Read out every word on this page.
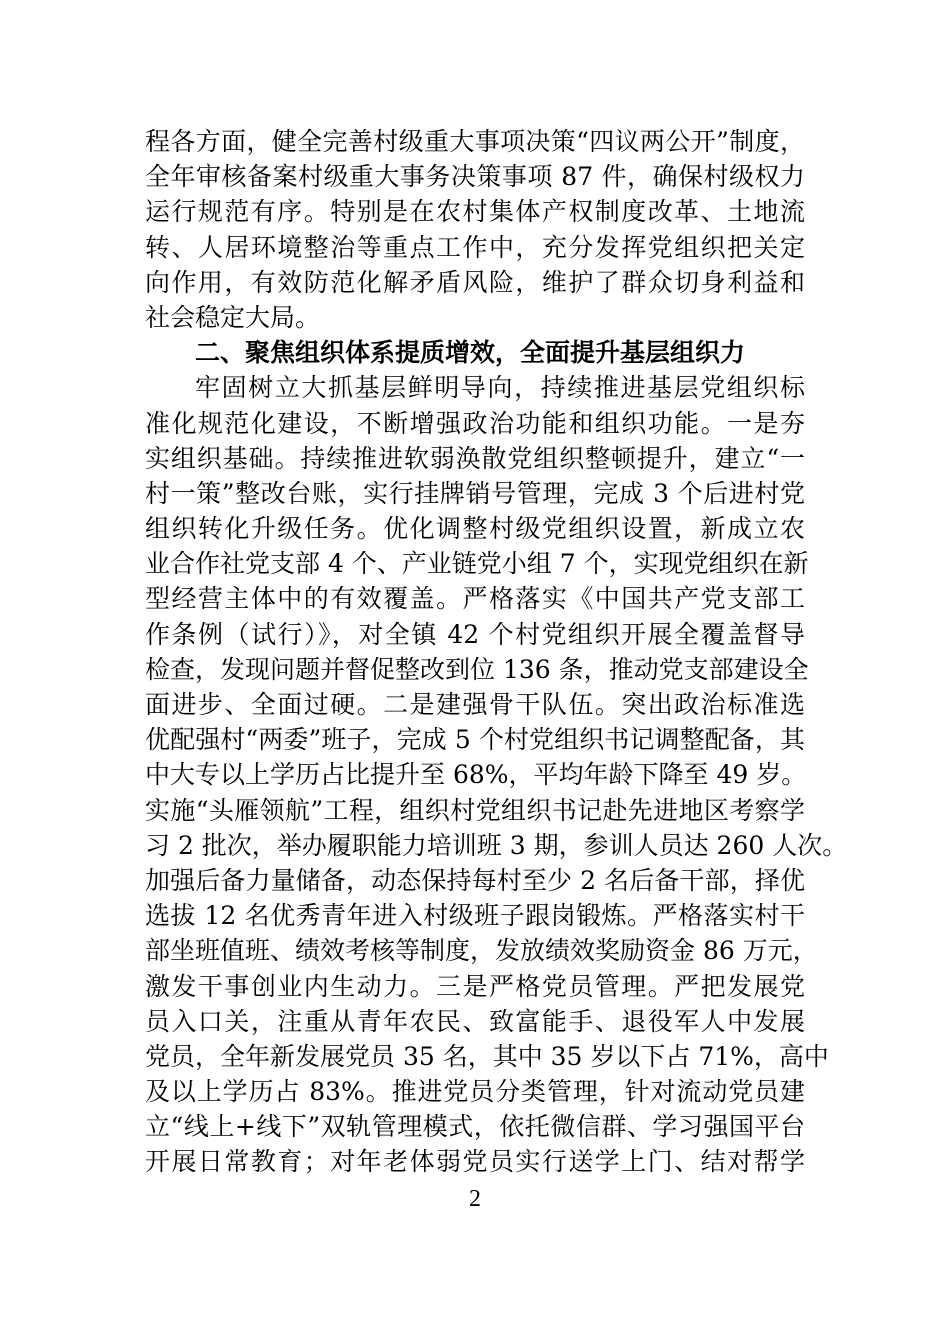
程各方面，健全完善村级重大事项决策“四议两公开”制度，
全年审核备案村级重大事务决策事项 87 件，确保村级权力
运行规范有序。特别是在农村集体产权制度改革、土地流
转、人居环境整治等重点工作中，充分发挥党组织把关定
向作用，有效防范化解矛盾风险，维护了群众切身利益和
社会稳定大局。
二、聚焦组织体系提质增效，全面提升基层组织力
牢固树立大抓基层鲜明导向，持续推进基层党组织标
准化规范化建设，不断增强政治功能和组织功能。一是夯
实组织基础。持续推进软弱涣散党组织整顿提升，建立“一
村一策”整改台账，实行挂牌销号管理，完成 3 个后进村党
组织转化升级任务。优化调整村级党组织设置，新成立农
业合作社党支部 4 个、产业链党小组 7 个，实现党组织在新
型经营主体中的有效覆盖。严格落实《中国共产党支部工
作条例（试行）》，对全镇 42 个村党组织开展全覆盖督导
检查，发现问题并督促整改到位 136 条，推动党支部建设全
面进步、全面过硬。二是建强骨干队伍。突出政治标准选
优配强村“两委”班子，完成 5 个村党组织书记调整配备，其
中大专以上学历占比提升至 68%，平均年龄下降至 49 岁。
实施“头雁领航”工程，组织村党组织书记赴先进地区考察学
习 2 批次，举办履职能力培训班 3 期，参训人员达 260 人次。
加强后备力量储备，动态保持每村至少 2 名后备干部，择优
选拔 12 名优秀青年进入村级班子跟岗锻炼。严格落实村干
部坐班值班、绩效考核等制度，发放绩效奖励资金 86 万元，
激发干事创业内生动力。三是严格党员管理。严把发展党
员入口关，注重从青年农民、致富能手、退役军人中发展
党员，全年新发展党员 35 名，其中 35 岁以下占 71%，高中
及以上学历占 83%。推进党员分类管理，针对流动党员建
立“线上+线下”双轨管理模式，依托微信群、学习强国平台
开展日常教育；对年老体弱党员实行送学上门、结对帮学
2
